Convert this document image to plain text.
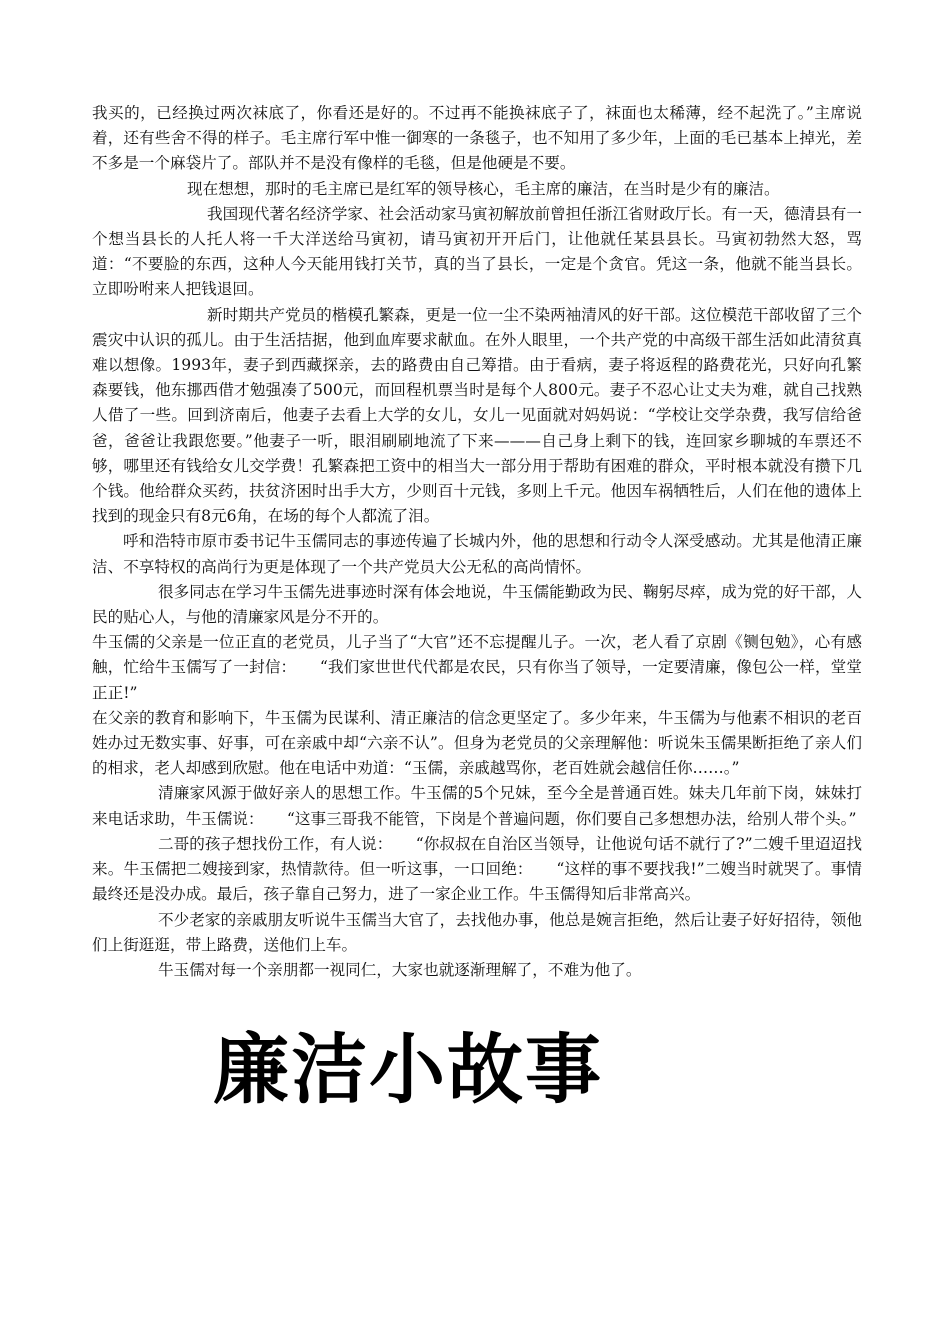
我买的，已经换过两次袜底了，你看还是好的。不过再不能换袜底子了，袜面也太稀薄，经不起洗了。”主席说着，还有些舍不得的样子。毛主席行军中惟一御寒的一条毯子，也不知用了多少年，上面的毛已基本上掉光，差不多是一个麻袋片了。部队并不是没有像样的毛毯，但是他硬是不要。

现在想想，那时的毛主席已是红军的领导核心，毛主席的廉洁，在当时是少有的廉洁。

我国现代著名经济学家、社会活动家马寅初解放前曾担任浙江省财政厅长。有一天，德清县有一个想当县长的人托人将一千大洋送给马寅初，请马寅初开开后门，让他就任某县县长。马寅初勃然大怒，骂道：“不要脸的东西，这种人今天能用钱打关节，真的当了县长，一定是个贪官。凭这一条，他就不能当县长。立即吩咐来人把钱退回。

新时期共产党员的楷模孔繁森，更是一位一尘不染两袖清风的好干部。这位模范干部收留了三个震灾中认识的孤儿。由于生活拮据，他到血库要求献血。在外人眼里，一个共产党的中高级干部生活如此清贫真难以想像。1993年，妻子到西藏探亲，去的路费由自己筹措。由于看病，妻子将返程的路费花光，只好向孔繁森要钱，他东挪西借才勉强凑了500元，而回程机票当时是每个人800元。妻子不忍心让丈夫为难，就自己找熟人借了一些。回到济南后，他妻子去看上大学的女儿，女儿一见面就对妈妈说：“学校让交学杂费，我写信给爸爸，爸爸让我跟您要。”他妻子一听，眼泪刷刷地流了下来———自己身上剩下的钱，连回家乡聊城的车票还不够，哪里还有钱给女儿交学费！孔繁森把工资中的相当大一部分用于帮助有困难的群众，平时根本就没有攒下几个钱。他给群众买药，扶贫济困时出手大方，少则百十元钱，多则上千元。他因车祸牺牲后，人们在他的遗体上找到的现金只有8元6角，在场的每个人都流了泪。

呼和浩特市原市委书记牛玉儒同志的事迹传遍了长城内外，他的思想和行动令人深受感动。尤其是他清正廉洁、不享特权的高尚行为更是体现了一个共产党员大公无私的高尚情怀。

很多同志在学习牛玉儒先进事迹时深有体会地说，牛玉儒能勤政为民、鞠躬尽瘁，成为党的好干部，人民的贴心人，与他的清廉家风是分不开的。

牛玉儒的父亲是一位正直的老党员，儿子当了“大官”还不忘提醒儿子。一次，老人看了京剧《铡包勉》，心有感触，忙给牛玉儒写了一封信：　　“我们家世世代代都是农民，只有你当了领导，一定要清廉，像包公一样，堂堂正正!”

在父亲的教育和影响下，牛玉儒为民谋利、清正廉洁的信念更坚定了。多少年来，牛玉儒为与他素不相识的老百姓办过无数实事、好事，可在亲戚中却“六亲不认”。但身为老党员的父亲理解他：听说朱玉儒果断拒绝了亲人们的相求，老人却感到欣慰。他在电话中劝道：“玉儒，亲戚越骂你，老百姓就会越信任你……。”

清廉家风源于做好亲人的思想工作。牛玉儒的5个兄妹，至今全是普通百姓。妹夫几年前下岗，妹妹打来电话求助，牛玉儒说：　　“这事三哥我不能管，下岗是个普遍问题，你们要自己多想想办法，给别人带个头。”

二哥的孩子想找份工作，有人说：　　“你叔叔在自治区当领导，让他说句话不就行了?”二嫂千里迢迢找来。牛玉儒把二嫂接到家，热情款待。但一听这事，一口回绝：　　“这样的事不要找我!”二嫂当时就哭了。事情最终还是没办成。最后，孩子靠自己努力，进了一家企业工作。牛玉儒得知后非常高兴。

不少老家的亲戚朋友听说牛玉儒当大官了，去找他办事，他总是婉言拒绝，然后让妻子好好招待，领他们上街逛逛，带上路费，送他们上车。

牛玉儒对每一个亲朋都一视同仁，大家也就逐渐理解了，不难为他了。

廉洁小故事
